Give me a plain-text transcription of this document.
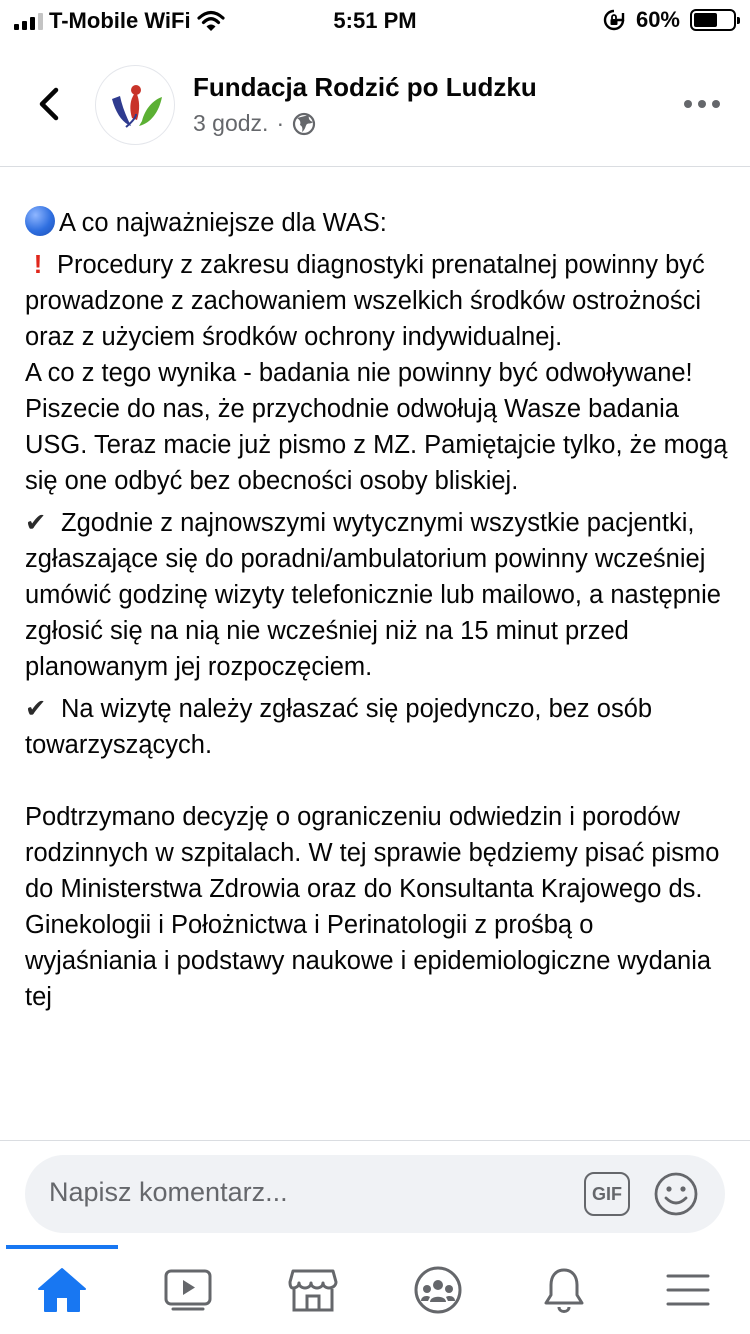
T-Mobile WiFi	5:51 PM	60%
Fundacja Rodzić po Ludzku
3 godz. ·

A co najważniejsze dla WAS:

! Procedury z zakresu diagnostyki prenatalnej powinny być prowadzone z zachowaniem wszelkich środków ostrożności oraz z użyciem środków ochrony indywidualnej.

A co z tego wynika - badania nie powinny być odwoływane! Piszecie do nas, że przychodnie odwołują Wasze badania USG. Teraz macie już pismo z MZ. Pamiętajcie tylko, że mogą się one odbyć bez obecności osoby bliskiej.

✔ Zgodnie z najnowszymi wytycznymi wszystkie pacjentki, zgłaszające się do poradni/ambulatorium powinny wcześniej umówić godzinę wizyty telefonicznie lub mailowo, a następnie zgłosić się na nią nie wcześniej niż na 15 minut przed planowanym jej rozpoczęciem.

✔ Na wizytę należy zgłaszać się pojedynczo, bez osób towarzyszących.

Podtrzymano decyzję o ograniczeniu odwiedzin i porodów rodzinnych w szpitalach. W tej sprawie będziemy pisać pismo do Ministerstwa Zdrowia oraz do Konsultanta Krajowego ds. Ginekologii i Położnictwa i Perinatologii z prośbą o wyjaśniania i podstawy naukowe i epidemiologiczne wydania tej

Napisz komentarz...	GIF
